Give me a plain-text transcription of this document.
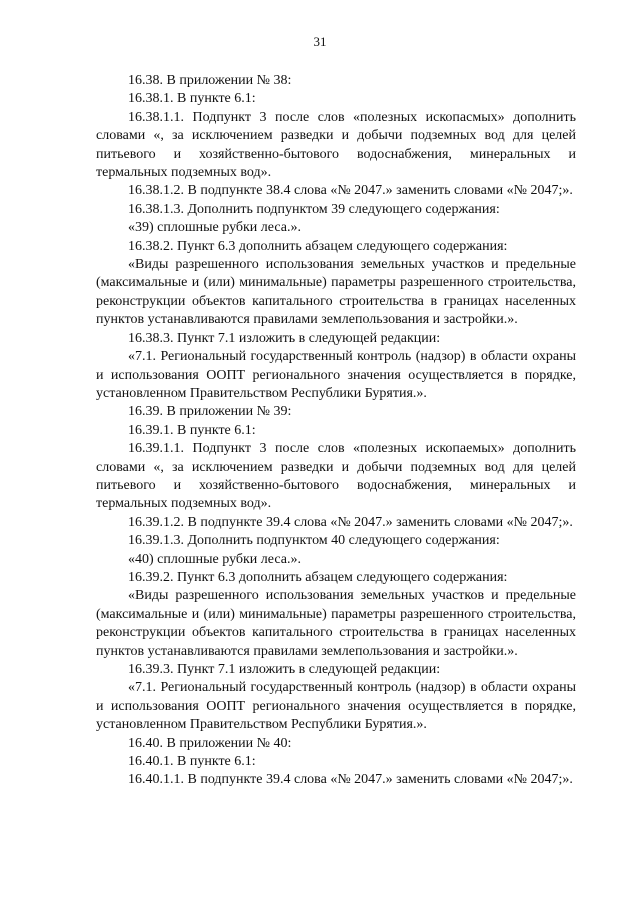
31

16.38. В приложении № 38:

16.38.1. В пункте 6.1:

16.38.1.1. Подпункт 3 после слов «полезных ископасмых» дополнить словами «, за исключением разведки и добычи подземных вод для целей питьевого и хозяйственно-бытового водоснабжения, минеральных и термальных подземных вод».

16.38.1.2. В подпункте 38.4 слова «№ 2047.» заменить словами «№ 2047;».

16.38.1.3. Дополнить подпунктом 39 следующего содержания:

«39) сплошные рубки леса.».

16.38.2. Пункт 6.3 дополнить абзацем следующего содержания:

«Виды разрешенного использования земельных участков и предельные (максимальные и (или) минимальные) параметры разрешенного строительства, реконструкции объектов капитального строительства в границах населенных пунктов устанавливаются правилами землепользования и застройки.».

16.38.3. Пункт 7.1 изложить в следующей редакции:

«7.1. Региональный государственный контроль (надзор) в области охраны и использования ООПТ регионального значения осуществляется в порядке, установленном Правительством Республики Бурятия.».

16.39. В приложении № 39:

16.39.1. В пункте 6.1:

16.39.1.1. Подпункт 3 после слов «полезных ископаемых» дополнить словами «, за исключением разведки и добычи подземных вод для целей питьевого и хозяйственно-бытового водоснабжения, минеральных и термальных подземных вод».

16.39.1.2. В подпункте 39.4 слова «№ 2047.» заменить словами «№ 2047;».

16.39.1.3. Дополнить подпунктом 40 следующего содержания:

«40) сплошные рубки леса.».

16.39.2. Пункт 6.3 дополнить абзацем следующего содержания:

«Виды разрешенного использования земельных участков и предельные (максимальные и (или) минимальные) параметры разрешенного строительства, реконструкции объектов капитального строительства в границах населенных пунктов устанавливаются правилами землепользования и застройки.».

16.39.3. Пункт 7.1 изложить в следующей редакции:

«7.1. Региональный государственный контроль (надзор) в области охраны и использования ООПТ регионального значения осуществляется в порядке, установленном Правительством Республики Бурятия.».

16.40. В приложении № 40:

16.40.1. В пункте 6.1:

16.40.1.1. В подпункте 39.4 слова «№ 2047.» заменить словами «№ 2047;».
